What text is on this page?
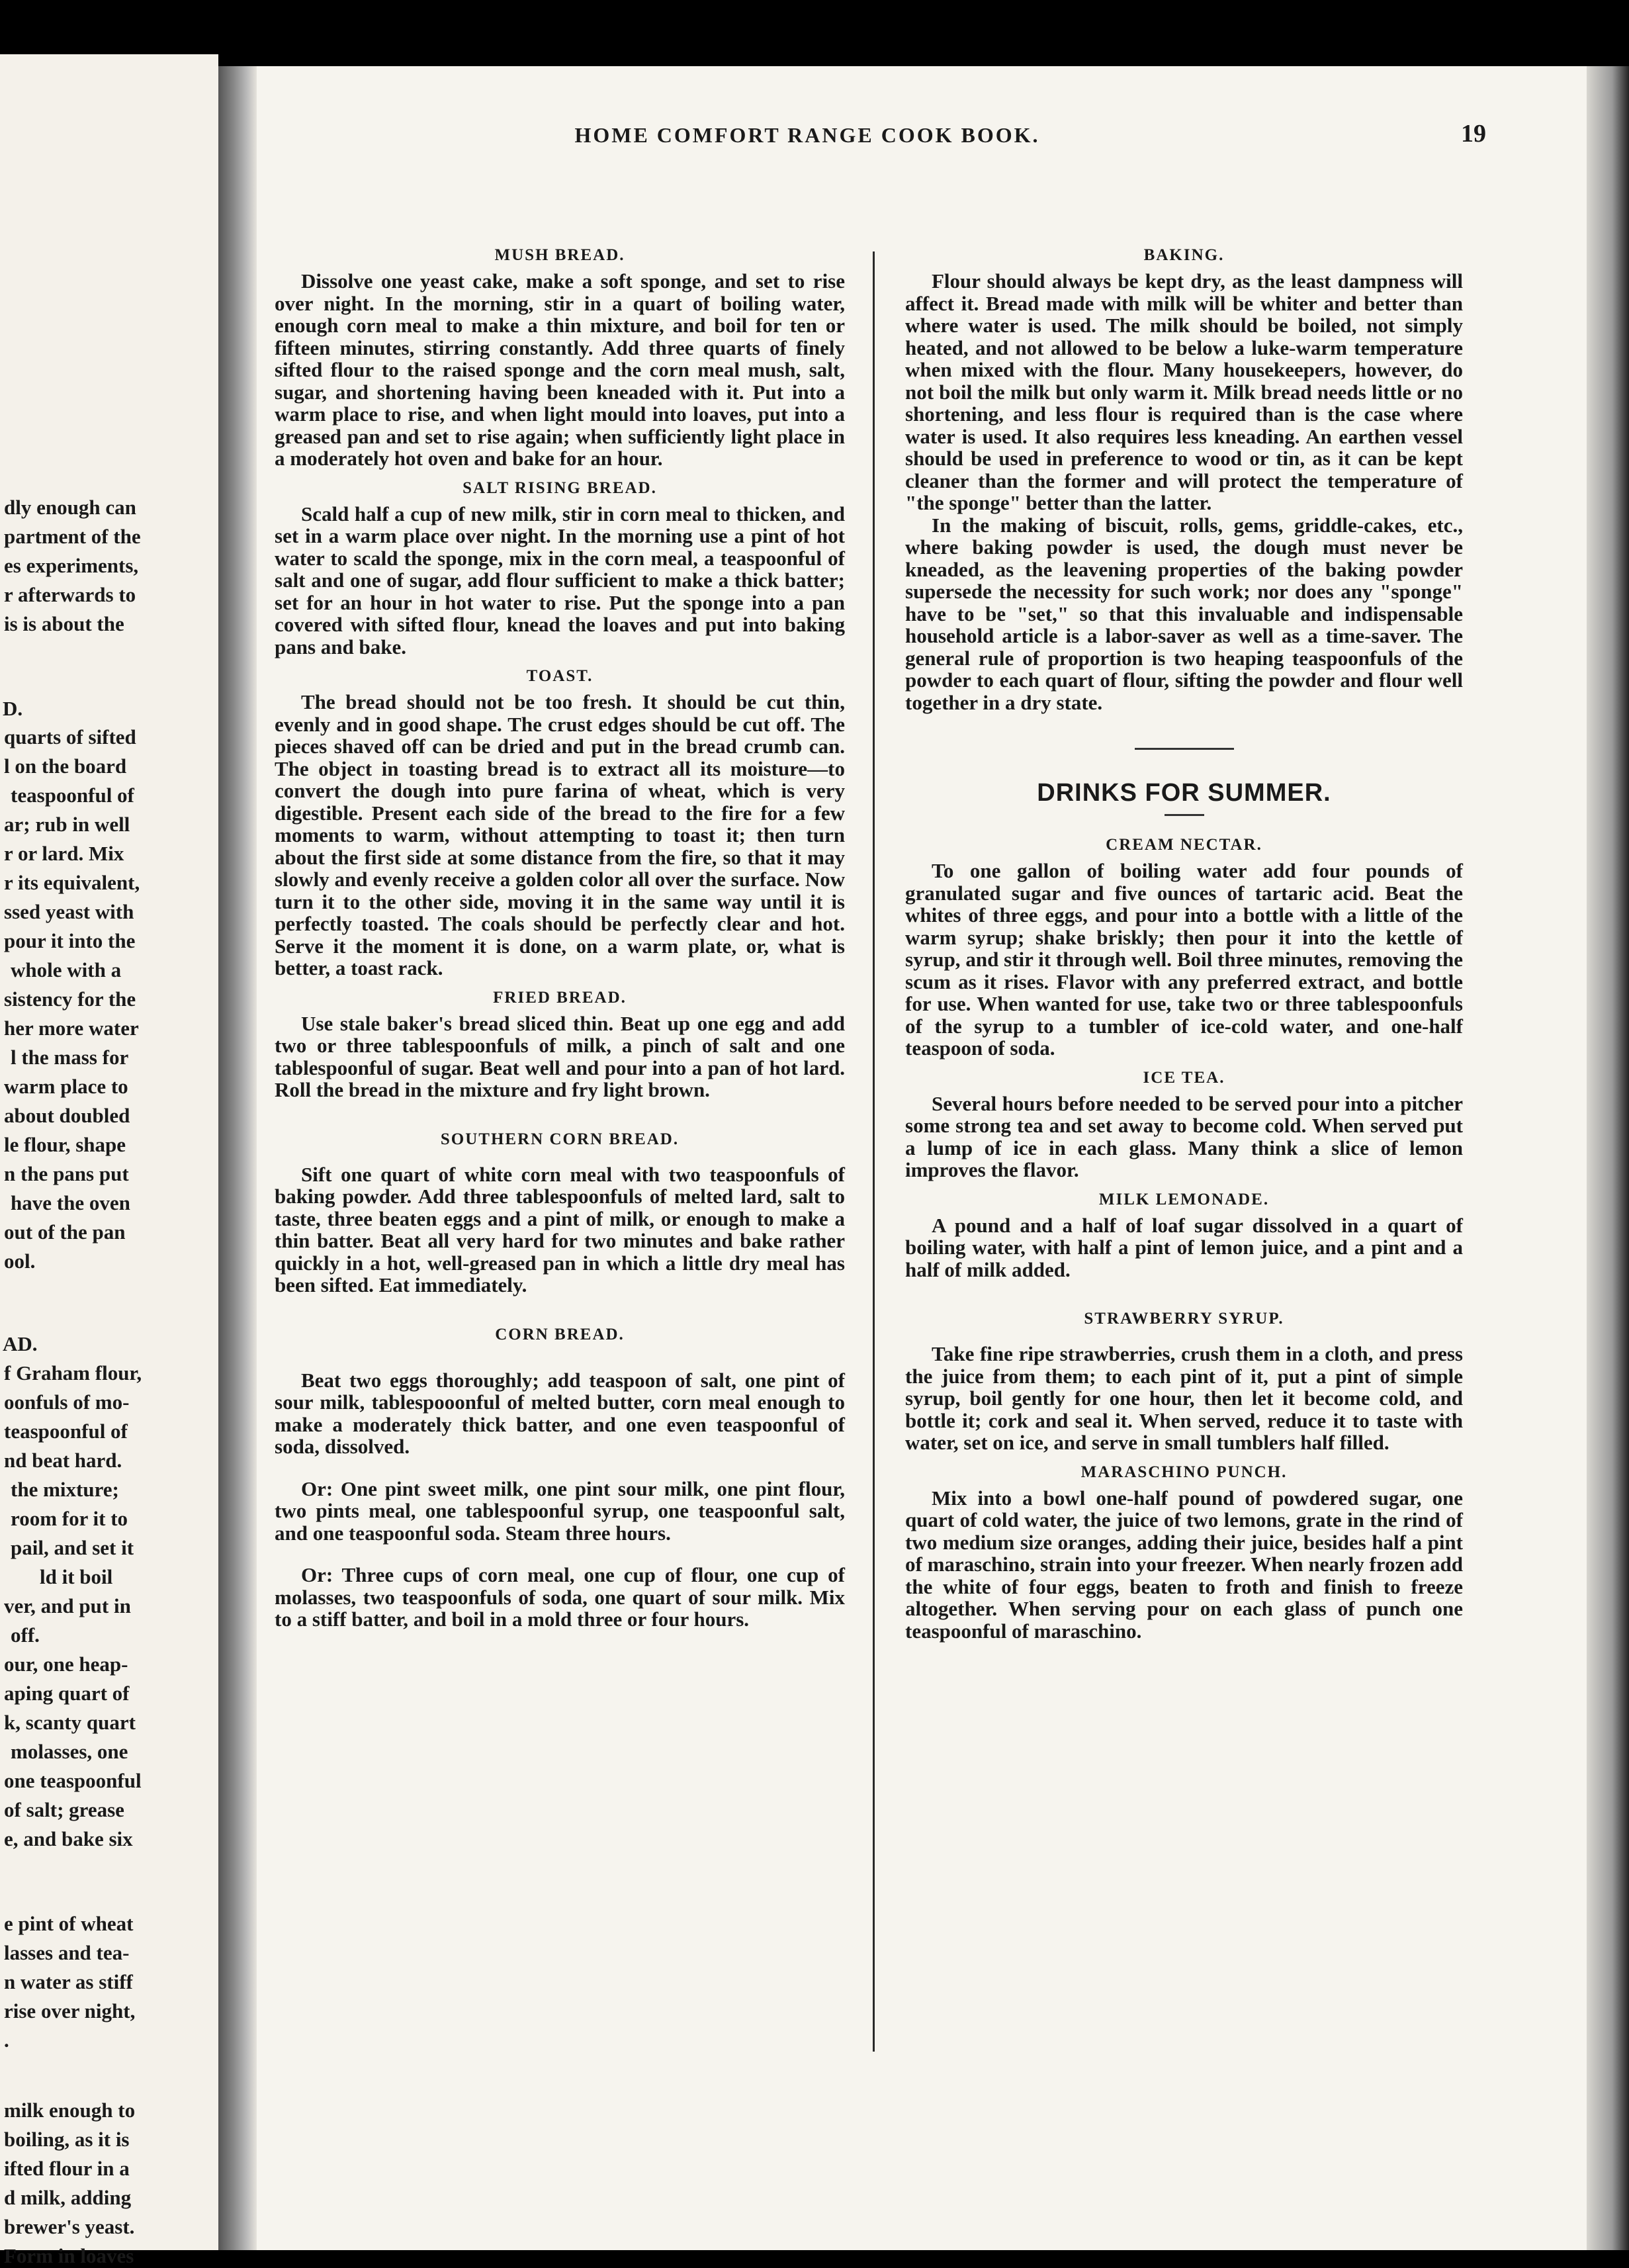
dly enough can
partment of the
es experiments,
r afterwards to
is is about the
D.
quarts of sifted
l on the board
teaspoonful of
ar; rub in well
r or lard. Mix
r its equivalent,
ssed yeast with
pour it into the
whole with a
sistency for the
her more water
l the mass for
warm place to
about doubled
le flour, shape
n the pans put
have the oven
out of the pan
ool.
AD.
f Graham flour,
oonfuls of mo-
teaspoonful of
nd beat hard.
the mixture;
room for it to
pail, and set it
ld it boil
ver, and put in
off.
our, one heap-
aping quart of
k, scanty quart
molasses, one
one teaspoonful
of salt; grease
e, and bake six
e pint of wheat
lasses and tea-
n water as stiff
rise over night,
.
milk enough to
boiling, as it is
ifted flour in a
d milk, adding
brewer's yeast.
Form in loaves
HOME COMFORT RANGE COOK BOOK.	19
MUSH BREAD.

Dissolve one yeast cake, make a soft sponge, and set to rise over night. In the morning, stir in a quart of boiling water, enough corn meal to make a thin mixture, and boil for ten or fifteen minutes, stirring constantly. Add three quarts of finely sifted flour to the raised sponge and the corn meal mush, salt, sugar, and shortening having been kneaded with it. Put into a warm place to rise, and when light mould into loaves, put into a greased pan and set to rise again; when sufficiently light place in a moderately hot oven and bake for an hour.

SALT RISING BREAD.

Scald half a cup of new milk, stir in corn meal to thicken, and set in a warm place over night. In the morning use a pint of hot water to scald the sponge, mix in the corn meal, a teaspoonful of salt and one of sugar, add flour sufficient to make a thick batter; set for an hour in hot water to rise. Put the sponge into a pan covered with sifted flour, knead the loaves and put into baking pans and bake.

TOAST.

The bread should not be too fresh. It should be cut thin, evenly and in good shape. The crust edges should be cut off. The pieces shaved off can be dried and put in the bread crumb can. The object in toasting bread is to extract all its moisture—to convert the dough into pure farina of wheat, which is very digestible. Present each side of the bread to the fire for a few moments to warm, without attempting to toast it; then turn about the first side at some distance from the fire, so that it may slowly and evenly receive a golden color all over the surface. Now turn it to the other side, moving it in the same way until it is perfectly toasted. The coals should be perfectly clear and hot. Serve it the moment it is done, on a warm plate, or, what is better, a toast rack.

FRIED BREAD.

Use stale baker's bread sliced thin. Beat up one egg and add two or three tablespoonfuls of milk, a pinch of salt and one tablespoonful of sugar. Beat well and pour into a pan of hot lard. Roll the bread in the mixture and fry light brown.

SOUTHERN CORN BREAD.

Sift one quart of white corn meal with two teaspoonfuls of baking powder. Add three tablespoonfuls of melted lard, salt to taste, three beaten eggs and a pint of milk, or enough to make a thin batter. Beat all very hard for two minutes and bake rather quickly in a hot, well-greased pan in which a little dry meal has been sifted. Eat immediately.

CORN BREAD.

Beat two eggs thoroughly; add teaspoon of salt, one pint of sour milk, tablespooonful of melted butter, corn meal enough to make a moderately thick batter, and one even teaspoonful of soda, dissolved.

Or: One pint sweet milk, one pint sour milk, one pint flour, two pints meal, one tablespoonful syrup, one teaspoonful salt, and one teaspoonful soda. Steam three hours.

Or: Three cups of corn meal, one cup of flour, one cup of molasses, two teaspoonfuls of soda, one quart of sour milk. Mix to a stiff batter, and boil in a mold three or four hours.

BAKING.

Flour should always be kept dry, as the least dampness will affect it. Bread made with milk will be whiter and better than where water is used. The milk should be boiled, not simply heated, and not allowed to be below a luke-warm temperature when mixed with the flour. Many housekeepers, however, do not boil the milk but only warm it. Milk bread needs little or no shortening, and less flour is required than is the case where water is used. It also requires less kneading. An earthen vessel should be used in preference to wood or tin, as it can be kept cleaner than the former and will protect the temperature of "the sponge" better than the latter.

In the making of biscuit, rolls, gems, griddle-cakes, etc., where baking powder is used, the dough must never be kneaded, as the leavening properties of the baking powder supersede the necessity for such work; nor does any "sponge" have to be "set," so that this invaluable and indispensable household article is a labor-saver as well as a time-saver. The general rule of proportion is two heaping teaspoonfuls of the powder to each quart of flour, sifting the powder and flour well together in a dry state.

DRINKS FOR SUMMER.
CREAM NECTAR.

To one gallon of boiling water add four pounds of granulated sugar and five ounces of tartaric acid. Beat the whites of three eggs, and pour into a bottle with a little of the warm syrup; shake briskly; then pour it into the kettle of syrup, and stir it through well. Boil three minutes, removing the scum as it rises. Flavor with any preferred extract, and bottle for use. When wanted for use, take two or three tablespoonfuls of the syrup to a tumbler of ice-cold water, and one-half teaspoon of soda.

ICE TEA.

Several hours before needed to be served pour into a pitcher some strong tea and set away to become cold. When served put a lump of ice in each glass. Many think a slice of lemon improves the flavor.

MILK LEMONADE.

A pound and a half of loaf sugar dissolved in a quart of boiling water, with half a pint of lemon juice, and a pint and a half of milk added.

STRAWBERRY SYRUP.

Take fine ripe strawberries, crush them in a cloth, and press the juice from them; to each pint of it, put a pint of simple syrup, boil gently for one hour, then let it become cold, and bottle it; cork and seal it. When served, reduce it to taste with water, set on ice, and serve in small tumblers half filled.

MARASCHINO PUNCH.

Mix into a bowl one-half pound of powdered sugar, one quart of cold water, the juice of two lemons, grate in the rind of two medium size oranges, adding their juice, besides half a pint of maraschino, strain into your freezer. When nearly frozen add the white of four eggs, beaten to froth and finish to freeze altogether. When serving pour on each glass of punch one teaspoonful of maraschino.
